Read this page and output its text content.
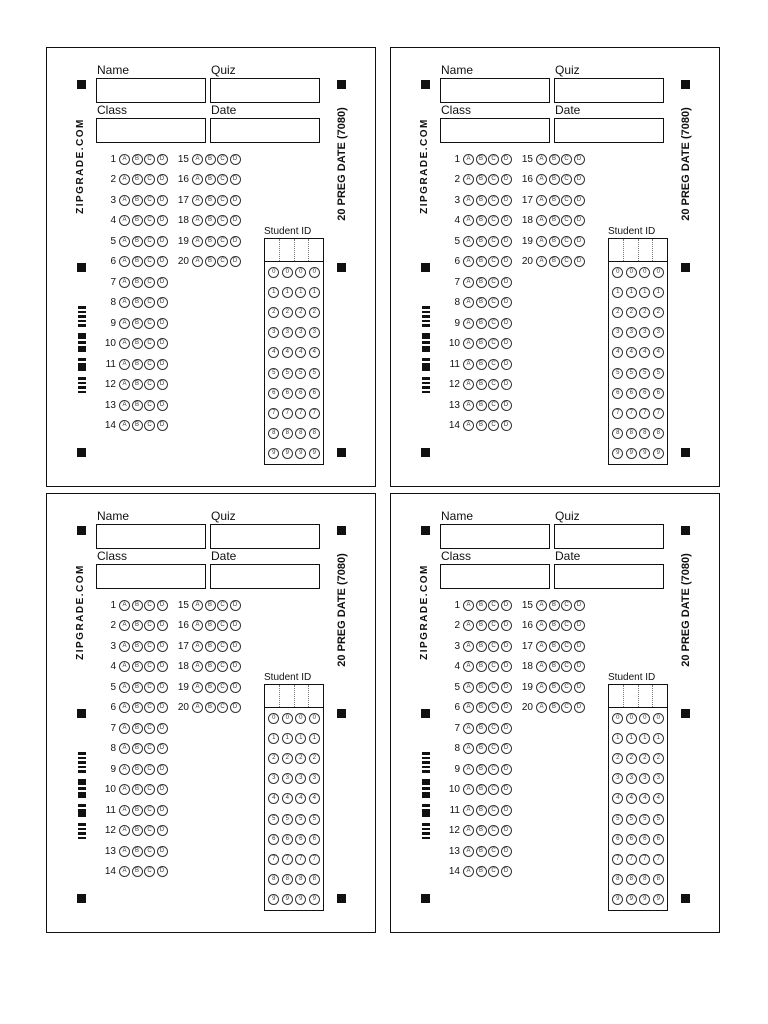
Name	Quiz
Class	Date
ZIPGRADE.COM	20 PREG DATE (7080)
1	A	B	C	D
2	A	B	C	D
3	A	B	C	D
4	A	B	C	D
5	A	B	C	D
6	A	B	C	D
7	A	B	C	D
8	A	B	C	D
9	A	B	C	D
10	A	B	C	D
11	A	B	C	D
12	A	B	C	D
13	A	B	C	D
14	A	B	C	D
15	A	B	C	D
16	A	B	C	D
17	A	B	C	D
18	A	B	C	D
19	A	B	C	D
20	A	B	C	D
Student ID
0	0	0	0
1	1	1	1
2	2	2	2
3	3	3	3
4	4	4	4
5	5	5	5
6	6	6	6
7	7	7	7
8	8	8	8
9	9	9	9
Name	Quiz
Class	Date
ZIPGRADE.COM	20 PREG DATE (7080)
1	A	B	C	D
2	A	B	C	D
3	A	B	C	D
4	A	B	C	D
5	A	B	C	D
6	A	B	C	D
7	A	B	C	D
8	A	B	C	D
9	A	B	C	D
10	A	B	C	D
11	A	B	C	D
12	A	B	C	D
13	A	B	C	D
14	A	B	C	D
15	A	B	C	D
16	A	B	C	D
17	A	B	C	D
18	A	B	C	D
19	A	B	C	D
20	A	B	C	D
Student ID
0	0	0	0
1	1	1	1
2	2	2	2
3	3	3	3
4	4	4	4
5	5	5	5
6	6	6	6
7	7	7	7
8	8	8	8
9	9	9	9
Name	Quiz
Class	Date
ZIPGRADE.COM	20 PREG DATE (7080)
1	A	B	C	D
2	A	B	C	D
3	A	B	C	D
4	A	B	C	D
5	A	B	C	D
6	A	B	C	D
7	A	B	C	D
8	A	B	C	D
9	A	B	C	D
10	A	B	C	D
11	A	B	C	D
12	A	B	C	D
13	A	B	C	D
14	A	B	C	D
15	A	B	C	D
16	A	B	C	D
17	A	B	C	D
18	A	B	C	D
19	A	B	C	D
20	A	B	C	D
Student ID
0	0	0	0
1	1	1	1
2	2	2	2
3	3	3	3
4	4	4	4
5	5	5	5
6	6	6	6
7	7	7	7
8	8	8	8
9	9	9	9
Name	Quiz
Class	Date
ZIPGRADE.COM	20 PREG DATE (7080)
1	A	B	C	D
2	A	B	C	D
3	A	B	C	D
4	A	B	C	D
5	A	B	C	D
6	A	B	C	D
7	A	B	C	D
8	A	B	C	D
9	A	B	C	D
10	A	B	C	D
11	A	B	C	D
12	A	B	C	D
13	A	B	C	D
14	A	B	C	D
15	A	B	C	D
16	A	B	C	D
17	A	B	C	D
18	A	B	C	D
19	A	B	C	D
20	A	B	C	D
Student ID
0	0	0	0
1	1	1	1
2	2	2	2
3	3	3	3
4	4	4	4
5	5	5	5
6	6	6	6
7	7	7	7
8	8	8	8
9	9	9	9
